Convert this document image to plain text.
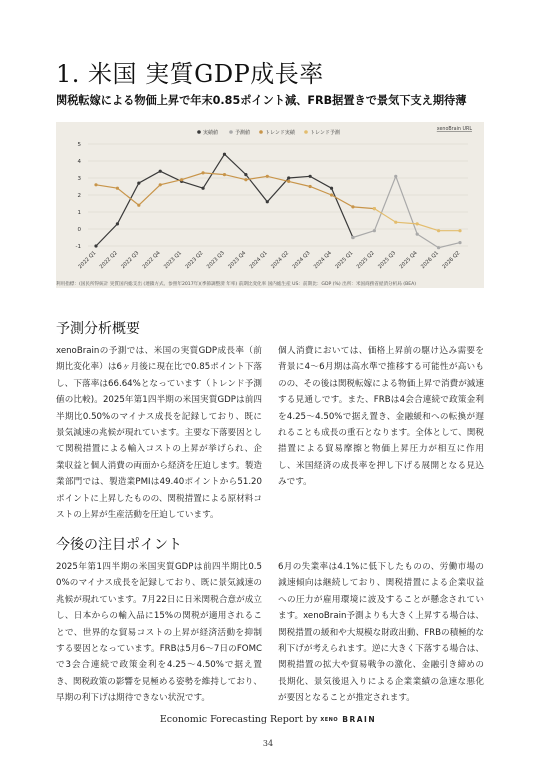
1. 米国 実質GDP成長率
関税転嫁による物価上昇で年末0.85ポイント減、FRB据置きで景気下支え期待薄
-1
0
1
2
3
4
5
2022 Q1 2022 Q2 2022 Q3 2022 Q4 2023 Q1 2023 Q2 2023 Q3 2023 Q4 2024 Q1 2024 Q2 2024 Q3 2024 Q4 2025 Q1 2025 Q2 2025 Q3 2025 Q4 2026 Q1 2026 Q2
xenoBrain URL
実績値	予測値	トレンド実績	トレンド予測
利用指標：(国民所得統計 実質国内総支出 (連鎖方式、参照年2017年)(季節調整済 年率) 前期比変化率 国内総生産 US：前期比：GDP (%) 出所：米国商務省経済分析局 (BEA)
予測分析概要
xenoBrainの予測では、米国の実質GDP成長率（前期比変化率）は6ヶ月後に現在比で0.85ポイント下落し、下落率は66.64%となっています（トレンド予測値の比較)。2025年第1四半期の米国実質GDPは前四半期比0.50%のマイナス成長を記録しており、既に景気減速の兆候が現れています。主要な下落要因として関税措置による輸入コストの上昇が挙げられ、企業収益と個人消費の両面から経済を圧迫します。製造業部門では、製造業PMIは49.40ポイントから51.20ポイントに上昇したものの、関税措置による原材料コストの上昇が生産活動を圧迫しています。
個人消費においては、価格上昇前の駆け込み需要を背景に4〜6月期は高水準で推移する可能性が高いものの、その後は関税転嫁による物価上昇で消費が減速する見通しです。また、FRBは4会合連続で政策金利を4.25〜4.50%で据え置き、金融緩和への転換が遅れることも成長の重石となります。全体として、関税措置による貿易摩擦と物価上昇圧力が相互に作用し、米国経済の成長率を押し下げる展開となる見込みです。
今後の注目ポイント
2025年第1四半期の米国実質GDPは前四半期比0.50%のマイナス成長を記録しており、既に景気減速の兆候が現れています。7月22日に日米関税合意が成立し、日本からの輸入品に15%の関税が適用されることで、世界的な貿易コストの上昇が経済活動を抑制する要因となっています。FRBは5月6〜7日のFOMCで3会合連続で政策金利を4.25〜4.50%で据え置き、関税政策の影響を見極める姿勢を維持しており、早期の利下げは期待できない状況です。
6月の失業率は4.1%に低下したものの、労働市場の減速傾向は継続しており、関税措置による企業収益への圧力が雇用環境に波及することが懸念されています。xenoBrain予測よりも大きく上昇する場合は、関税措置の緩和や大規模な財政出動、FRBの積極的な利下げが考えられます。逆に大きく下落する場合は、関税措置の拡大や貿易戦争の激化、金融引き締めの長期化、景気後退入りによる企業業績の急速な悪化が要因となることが推定されます。
Economic Forecasting Report by XENO BRAIN
34
